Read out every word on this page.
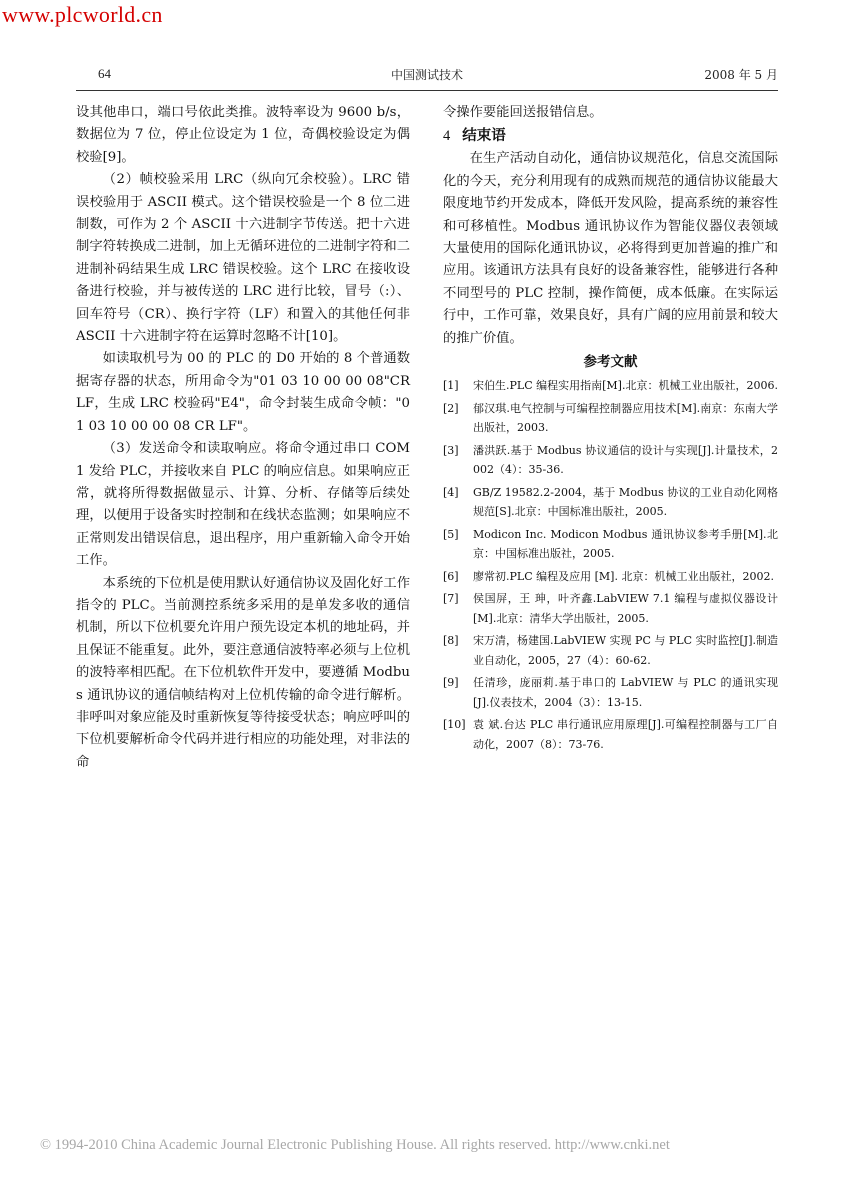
www.plcworld.cn
64	中国测试技术	2008 年 5 月

设其他串口，端口号依此类推。波特率设为 9600 b/s，数据位为 7 位，停止位设定为 1 位，奇偶校验设定为偶校验[9]。

（2）帧校验采用 LRC（纵向冗余校验）。LRC 错误校验用于 ASCII 模式。这个错误校验是一个 8 位二进制数，可作为 2 个 ASCII 十六进制字节传送。把十六进制字符转换成二进制，加上无循环进位的二进制字符和二进制补码结果生成 LRC 错误校验。这个 LRC 在接收设备进行校验，并与被传送的 LRC 进行比较，冒号（:）、回车符号（CR）、换行字符（LF）和置入的其他任何非 ASCII 十六进制字符在运算时忽略不计[10]。

如读取机号为 00 的 PLC 的 D0 开始的 8 个普通数据寄存器的状态，所用命令为"01 03 10 00 00 08"CR LF，生成 LRC 校验码"E4"，命令封装生成命令帧："01 03 10 00 00 08 CR LF"。

（3）发送命令和读取响应。将命令通过串口 COM1 发给 PLC，并接收来自 PLC 的响应信息。如果响应正常，就将所得数据做显示、计算、分析、存储等后续处理，以便用于设备实时控制和在线状态监测；如果响应不正常则发出错误信息，退出程序，用户重新输入命令开始工作。

本系统的下位机是使用默认好通信协议及固化好工作指令的 PLC。当前测控系统多采用的是单发多收的通信机制，所以下位机要允许用户预先设定本机的地址码，并且保证不能重复。此外，要注意通信波特率必须与上位机的波特率相匹配。在下位机软件开发中，要遵循 Modbus 通讯协议的通信帧结构对上位机传输的命令进行解析。非呼叫对象应能及时重新恢复等待接受状态；响应呼叫的下位机要解析命令代码并进行相应的功能处理，对非法的命

令操作要能回送报错信息。

4 结束语

在生产活动自动化，通信协议规范化，信息交流国际化的今天，充分利用现有的成熟而规范的通信协议能最大限度地节约开发成本，降低开发风险，提高系统的兼容性和可移植性。Modbus 通讯协议作为智能仪器仪表领域大量使用的国际化通讯协议，必将得到更加普遍的推广和应用。该通讯方法具有良好的设备兼容性，能够进行各种不同型号的 PLC 控制，操作简便，成本低廉。在实际运行中，工作可靠，效果良好，具有广阔的应用前景和较大的推广价值。

参考文献
[1] 宋伯生.PLC 编程实用指南[M].北京：机械工业出版社，2006.
[2] 郁汉琪.电气控制与可编程控制器应用技术[M].南京：东南大学出版社，2003.
[3] 潘洪跃.基于 Modbus 协议通信的设计与实现[J].计量技术，2002（4）：35-36.
[4] GB/Z 19582.2-2004，基于 Modbus 协议的工业自动化网格规范[S].北京：中国标准出版社，2005.
[5] Modicon Inc. Modicon Modbus 通讯协议参考手册[M].北京：中国标准出版社，2005.
[6] 廖常初.PLC 编程及应用 [M]. 北京：机械工业出版社，2002.
[7] 侯国屏，王 珅，叶齐鑫.LabVIEW 7.1 编程与虚拟仪器设计[M].北京：清华大学出版社，2005.
[8] 宋万清，杨建国.LabVIEW 实现 PC 与 PLC 实时监控[J].制造业自动化，2005，27（4）：60-62.
[9] 任清珍，庞丽莉.基于串口的 LabVIEW 与 PLC 的通讯实现[J].仪表技术，2004（3）：13-15.
[10] 袁 斌.台达 PLC 串行通讯应用原理[J].可编程控制器与工厂自动化，2007（8）：73-76.
© 1994-2010 China Academic Journal Electronic Publishing House. All rights reserved. http://www.cnki.net
